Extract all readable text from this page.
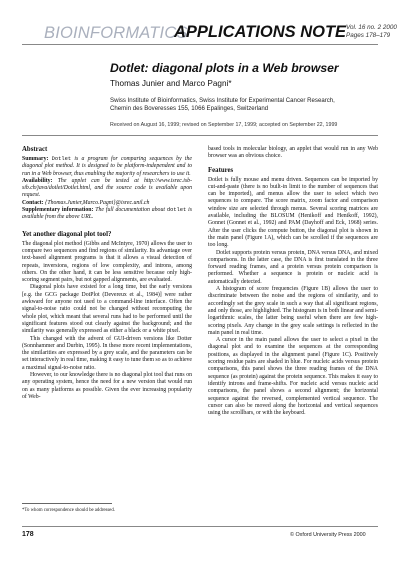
BIOINFORMATICS
APPLICATIONS NOTE Vol. 16 no. 2 2000
Pages 178–179
Dotlet: diagonal plots in a Web browser
Thomas Junier and Marco Pagni*
Swiss Institute of Bioinformatics, Swiss Institute for Experimental Cancer Research,
Chemin des Boveresses 155, 1066 Epalinges, Switzerland
Received on August 16, 1999; revised on September 17, 1999; accepted on September 22, 1999
Abstract

Summary: Dotlet is a program for comparing sequences by the diagonal plot method. It is designed to be platform-independent and to run in a Web browser, thus enabling the majority of researchers to use it.

Availability: The applet can be tested at http://www.isrec.isb-sib.ch/java/dotlet/Dotlet.html, and the source code is available upon request.

Contact: {Thomas.Junier,Marco.Pagni}@isrec.unil.ch

Supplementary information: The full documentation about dotlet is available from the above URL.

Yet another diagonal plot tool?

The diagonal plot method (Gibbs and McIntyre, 1970) allows the user to compare two sequences and find regions of similarity. Its advantage over text-based alignment programs is that it allows a visual detection of repeats, inversions, regions of low complexity, and introns, among others. On the other hand, it can be less sensitive because only high-scoring segment pairs, but not gapped alignments, are evaluated.

Diagonal plots have existed for a long time, but the early versions [e.g. the GCG package DotPlot (Devereux et al., 1984)] were rather awkward for anyone not used to a command-line interface. Often the signal-to-noise ratio could not be changed without recomputing the whole plot, which meant that several runs had to be performed until the significant features stood out clearly against the background; and the similarity was generally expressed as either a black or a white pixel.

This changed with the advent of GUI-driven versions like Dotter (Sonnhammer and Durbin, 1995). In these more recent implementations, the similarities are expressed by a grey scale, and the parameters can be set interactively in real time, making it easy to tune them so as to achieve a maximal signal-to-noise ratio.

However, to our knowledge there is no diagonal plot tool that runs on any operating system, hence the need for a new version that would run on as many platforms as possible. Given the ever increasing popularity of Web-

based tools in molecular biology, an applet that would run in any Web browser was an obvious choice.

Features

Dotlet is fully mouse and menu driven. Sequences can be imported by cut-and-paste (there is no built-in limit to the number of sequences that can be imported), and menus allow the user to select which two sequences to compare. The score matrix, zoom factor and comparison window size are selected through menus. Several scoring matrices are available, including the BLOSUM (Henikoff and Henikoff, 1992), Gonnet (Gonnet et al., 1992) and PAM (Dayhoff and Eck, 1968) series. After the user clicks the compute button, the diagonal plot is shown in the main panel (Figure 1A), which can be scrolled if the sequences are too long.

Dotlet supports protein versus protein, DNA versus DNA, and mixed comparisons. In the latter case, the DNA is first translated in the three forward reading frames, and a protein versus protein comparison is performed. Whether a sequence is protein or nucleic acid is automatically detected.

A histogram of score frequencies (Figure 1B) allows the user to discriminate between the noise and the regions of similarity, and to accordingly set the grey scale in such a way that all significant regions, and only those, are highlighted. The histogram is in both linear and semi-logarithmic scales, the latter being useful when there are few high-scoring pixels. Any change in the grey scale settings is reflected in the main panel in real time.

A cursor in the main panel allows the user to select a pixel in the diagonal plot and to examine the sequences at the corresponding positions, as displayed in the alignment panel (Figure 1C). Positively scoring residue pairs are shaded in blue. For nucleic acids versus protein comparisons, this panel shows the three reading frames of the DNA sequence (as protein) against the protein sequence. This makes it easy to identify introns and frame-shifts. For nucleic acid versus nucleic acid comparisons, the panel shows a second alignment; the horizontal sequence against the reversed, complemented vertical sequence. The cursor can also be moved along the horizontal and vertical sequences using the scrollbars, or with the keyboard.

*To whom correspondence should be addressed.
178	© Oxford University Press 2000
